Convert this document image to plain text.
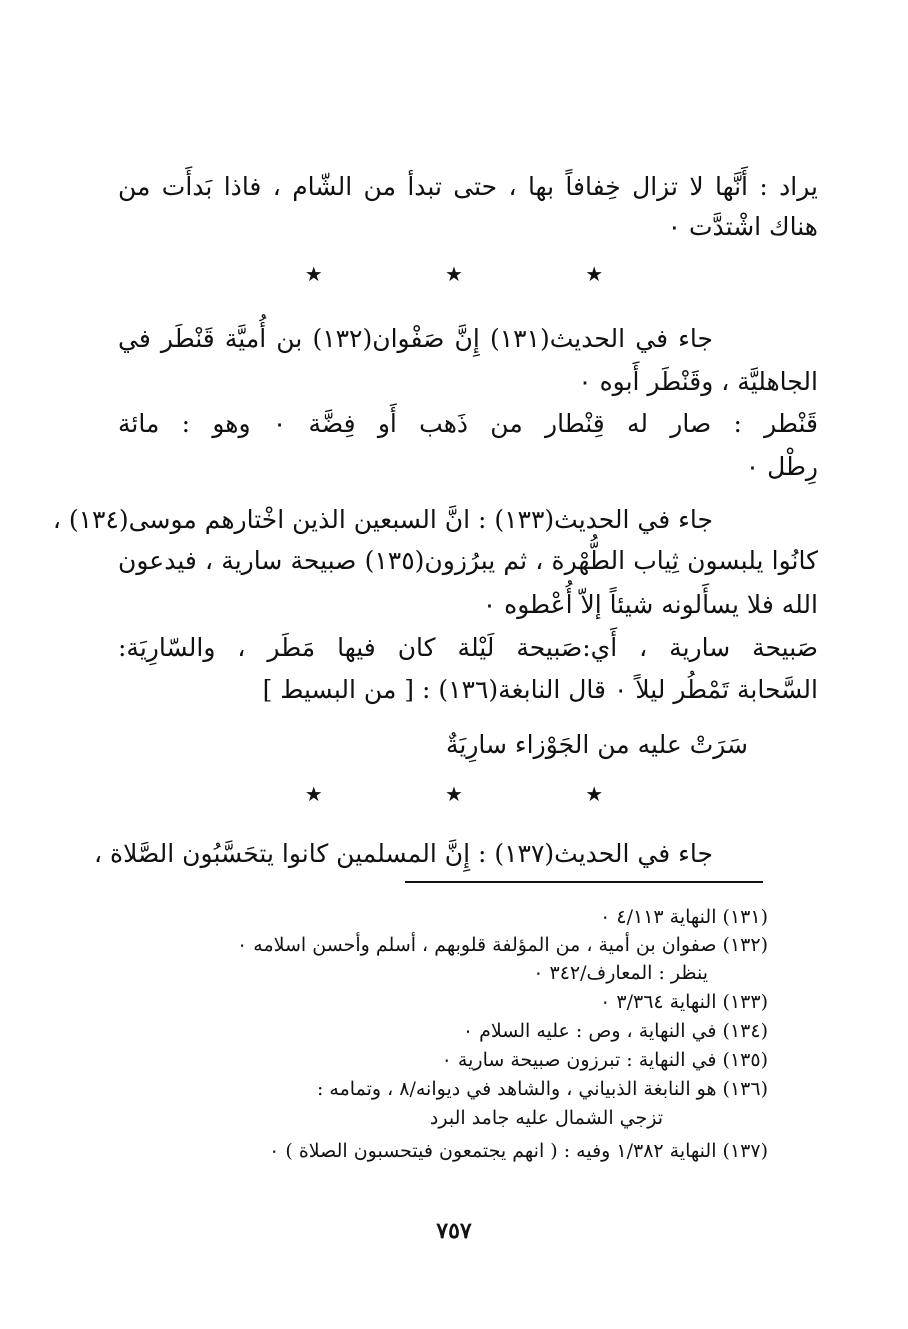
يراد : أَنَّها لا تزال خِفافاً بها ، حتى تبدأ من الشّام ، فاذا بَدأَت من
هناك اشْتدَّت ٠
★ ★ ★
جاء في الحديث(١٣١) إِنَّ صَفْوان(١٣٢) بن أُميَّة قَنْطَر في
الجاهليَّة ، وقَنْطَر أَبوه ٠
قَنْطر : صار له قِنْطار من ذَهب أَو فِضَّة ٠ وهو : مائة
رِطْل ٠
جاء في الحديث(١٣٣) : انَّ السبعين الذين اخْتارهم موسى(١٣٤) ،
كانُوا يلبسون ثِياب الطُّهْرة ، ثم يبرُزون(١٣٥) صبيحة سارية ، فيدعون
الله فلا يسأَلونه شيئاً إلاّ أُعْطوه ٠
صَبيحة سارية ، أَي:صَبيحة لَيْلة كان فيها مَطَر ، والسّارِيَة:
السَّحابة تَمْطُر ليلاً ٠ قال النابغة(١٣٦) : [ من البسيط ]
سَرَتْ عليه من الجَوْزاء سارِيَةٌ
★ ★ ★
جاء في الحديث(١٣٧) : إِنَّ المسلمين كانوا يتحَسَّبُون الصَّلاة ،
(١٣١) النهاية ٤/١١٣ ٠
(١٣٢) صفوان بن أمية ، من المؤلفة قلوبهم ، أسلم وأحسن اسلامه ٠
ينظر : المعارف/٣٤٢ ٠
(١٣٣) النهاية ٣/٣٦٤ ٠
(١٣٤) في النهاية ، وص : عليه السلام ٠
(١٣٥) في النهاية : تبرزون صبيحة سارية ٠
(١٣٦) هو النابغة الذبياني ، والشاهد في ديوانه/٨ ، وتمامه :
تزجي الشمال عليه جامد البرد
(١٣٧) النهاية ١/٣٨٢ وفيه : ( انهم يجتمعون فيتحسبون الصلاة ) ٠
٧٥٧
